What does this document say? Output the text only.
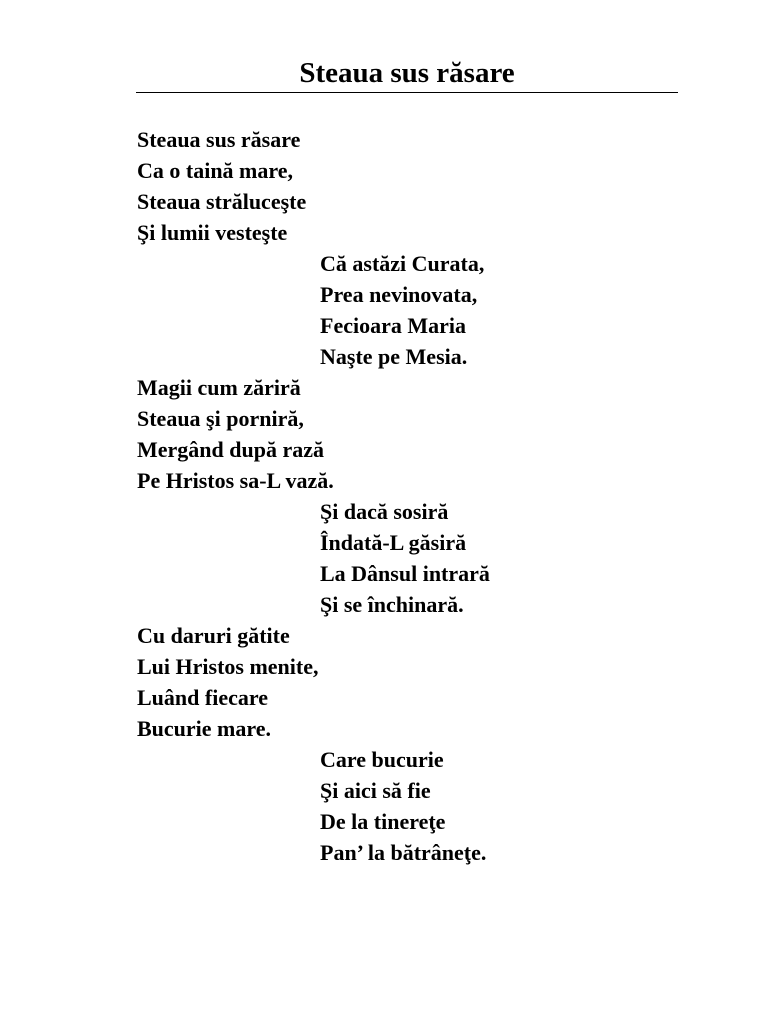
Steaua sus răsare
Steaua sus răsare
Ca o taină mare,
Steaua străluceşte
Şi lumii vesteşte
Că astăzi Curata,
Prea nevinovata,
Fecioara Maria
Naşte pe Mesia.
Magii cum zăriră
Steaua şi porniră,
Mergând după rază
Pe Hristos sa-L vază.
Şi dacă sosiră
Îndată-L găsiră
La Dânsul intrară
Şi se închinară.
Cu daruri gătite
Lui Hristos menite,
Luând fiecare
Bucurie mare.
Care bucurie
Şi aici să fie
De la tinereţe
Pan’ la bătrâneţe.
